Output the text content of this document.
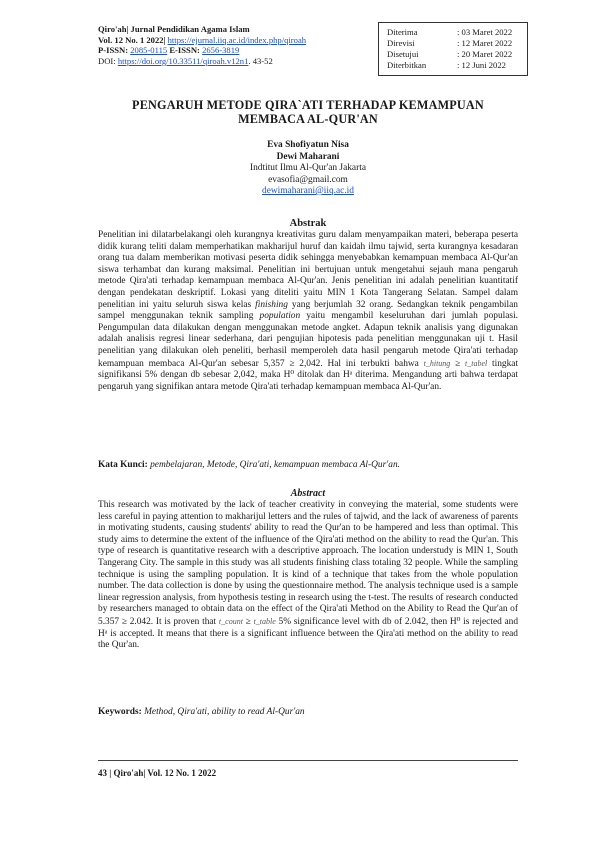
Qiro'ah| Jurnal Pendidikan Agama Islam
Vol. 12 No. 1 2022| https://ejurnal.iiq.ac.id/index.php/qiroah
P-ISSN: 2085-0115 E-ISSN: 2656-3819
DOI: https://doi.org/10.33511/qiroah.v12n1. 43-52
Diterima	: 03 Maret 2022
Direvisi	: 12 Maret 2022
Disetujui	: 20 Maret 2022
Diterbitkan	: 12 Juni 2022
PENGARUH METODE QIRA`ATI TERHADAP KEMAMPUAN
MEMBACA AL-QUR'AN
Eva Shofiyatun Nisa
Dewi Maharani
Indtitut Ilmu Al-Qur'an Jakarta
evasofia@gmail.com
dewimaharani@iiq.ac.id
Abstrak
Penelitian ini dilatarbelakangi oleh kurangnya kreativitas guru dalam menyampaikan materi, beberapa peserta didik kurang teliti dalam memperhatikan makharijul huruf dan kaidah ilmu tajwid, serta kurangnya kesadaran orang tua dalam memberikan motivasi peserta didik sehingga menyebabkan kemampuan membaca Al-Qur'an siswa terhambat dan kurang maksimal. Penelitian ini bertujuan untuk mengetahui sejauh mana pengaruh metode Qira'ati terhadap kemampuan membaca Al-Qur'an. Jenis penelitian ini adalah penelitian kuantitatif dengan pendekatan deskriptif. Lokasi yang diteliti yaitu MIN 1 Kota Tangerang Selatan. Sampel dalam penelitian ini yaitu seluruh siswa kelas finishing yang berjumlah 32 orang. Sedangkan teknik pengambilan sampel menggunakan teknik sampling population yaitu mengambil keseluruhan dari jumlah populasi. Pengumpulan data dilakukan dengan menggunakan metode angket. Adapun teknik analisis yang digunakan adalah analisis regresi linear sederhana, dari pengujian hipotesis pada penelitian menggunakan uji t. Hasil penelitian yang dilakukan oleh peneliti, berhasil memperoleh data hasil pengaruh metode Qira'ati terhadap kemampuan membaca Al-Qur'an sebesar 5,357 ≥ 2,042. Hal ini terbukti bahwa t_hitung ≥ t_tabel tingkat signifikansi 5% dengan db sebesar 2,042, maka H⁰ ditolak dan Hᵃ diterima. Mengandung arti bahwa terdapat pengaruh yang signifikan antara metode Qira'ati terhadap kemampuan membaca Al-Qur'an.
Kata Kunci: pembelajaran, Metode, Qira'ati, kemampuan membaca Al-Qur'an.
Abstract
This research was motivated by the lack of teacher creativity in conveying the material, some students were less careful in paying attention to makharijul letters and the rules of tajwid, and the lack of awareness of parents in motivating students, causing students' ability to read the Qur'an to be hampered and less than optimal. This study aims to determine the extent of the influence of the Qira'ati method on the ability to read the Qur'an. This type of research is quantitative research with a descriptive approach. The location understudy is MIN 1, South Tangerang City. The sample in this study was all students finishing class totaling 32 people. While the sampling technique is using the sampling population. It is kind of a technique that takes from the whole population number. The data collection is done by using the questionnaire method. The analysis technique used is a sample linear regression analysis, from hypothesis testing in research using the t-test. The results of research conducted by researchers managed to obtain data on the effect of the Qira'ati Method on the Ability to Read the Qur'an of 5.357 ≥ 2.042. It is proven that t_count ≥ t_table 5% significance level with db of 2.042, then H⁰ is rejected and Hᵃ is accepted. It means that there is a significant influence between the Qira'ati method on the ability to read the Qur'an.
Keywords: Method, Qira'ati, ability to read Al-Qur'an
43 | Qiro'ah| Vol. 12 No. 1 2022
